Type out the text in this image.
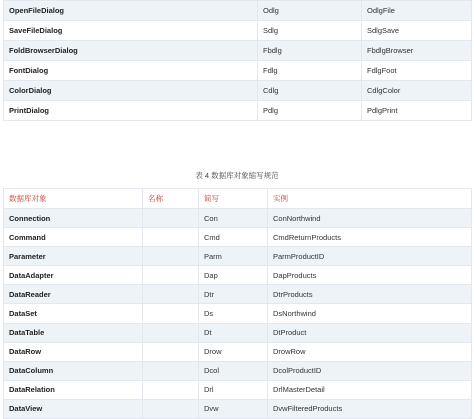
OpenFileDialog	Odlg	OdlgFile
SaveFileDialog	Sdlg	SdlgSave
FoldBrowserDialog	Fbdlg	FbdlgBrowser
FontDialog	Fdlg	FdlgFoot
ColorDialog	Cdlg	CdlgColor
PrintDialog	Pdlg	PdlgPrint
表 4 数据库对象缩写规范
数据库对象	名称	简写	实例
Connection		Con	ConNorthwind
Command		Cmd	CmdReturnProducts
Parameter		Parm	ParmProductID
DataAdapter		Dap	DapProducts
DataReader		Dtr	DtrProducts
DataSet		Ds	DsNorthwind
DataTable		Dt	DtProduct
DataRow		Drow	DrowRow
DataColumn		Dcol	DcolProductID
DataRelation		Drl	DrlMasterDetail
DataView		Dvw	DvwFilteredProducts
